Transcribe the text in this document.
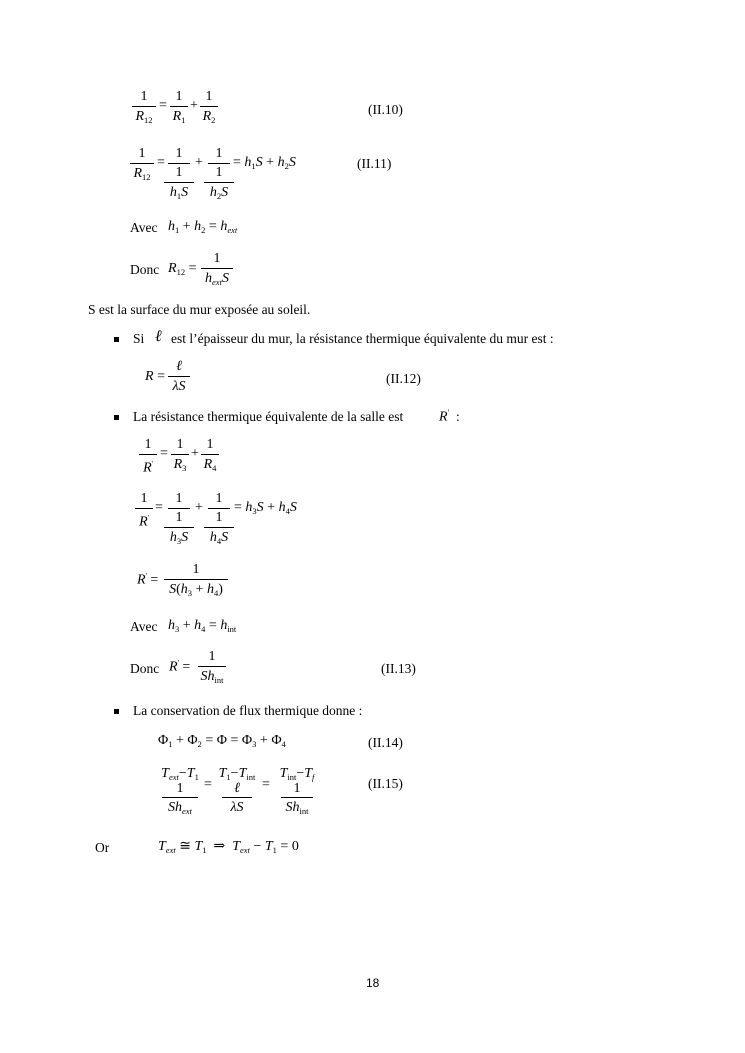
1
$R_{12}$
=
1
$R_1$
+
1
$R_2$
(II.10)
1
$R_{12}$
=
1
1
$h_1S$
+
1
1
$h_2S$
= $h_1S + h_2S$	(II.11)
Avec $h_1 + h_2 = h_{ext}$
Donc $R_{12}$ =
1
$h_{ext}S$
S est la surface du mur exposée au soleil.
Si ℓ est l’épaisseur du mur, la résistance thermique équivalente du mur est :
R =
ℓ
λS
(II.12)
La résistance thermique équivalente de la salle est	R' :
1
R'
=
1
$R_3$
+
1
$R_4$
1
R'
=
1
1
$h_3S$
+
1
1
$h_4S$
= $h_3S + h_4S$
R' =
1
$S(h_3 + h_4)$
Avec $h_3 + h_4 = h_{int}$
Donc R' =
1
$Sh_{int}$
(II.13)
La conservation de flux thermique donne :
$\Phi_1 + \Phi_2 = \Phi = \Phi_3 + \Phi_4$	(II.14)
$T_{ext}-T_1$
1
$Sh_{ext}$
=
$T_1-T_{int}$
ℓ
λS
=
$T_{int}-T_f$
1
$Sh_{int}$
(II.15)
Or	$T_{ext}$ ≅ $T_1$ ⇒ $T_{ext} - T_1 = 0$
18
